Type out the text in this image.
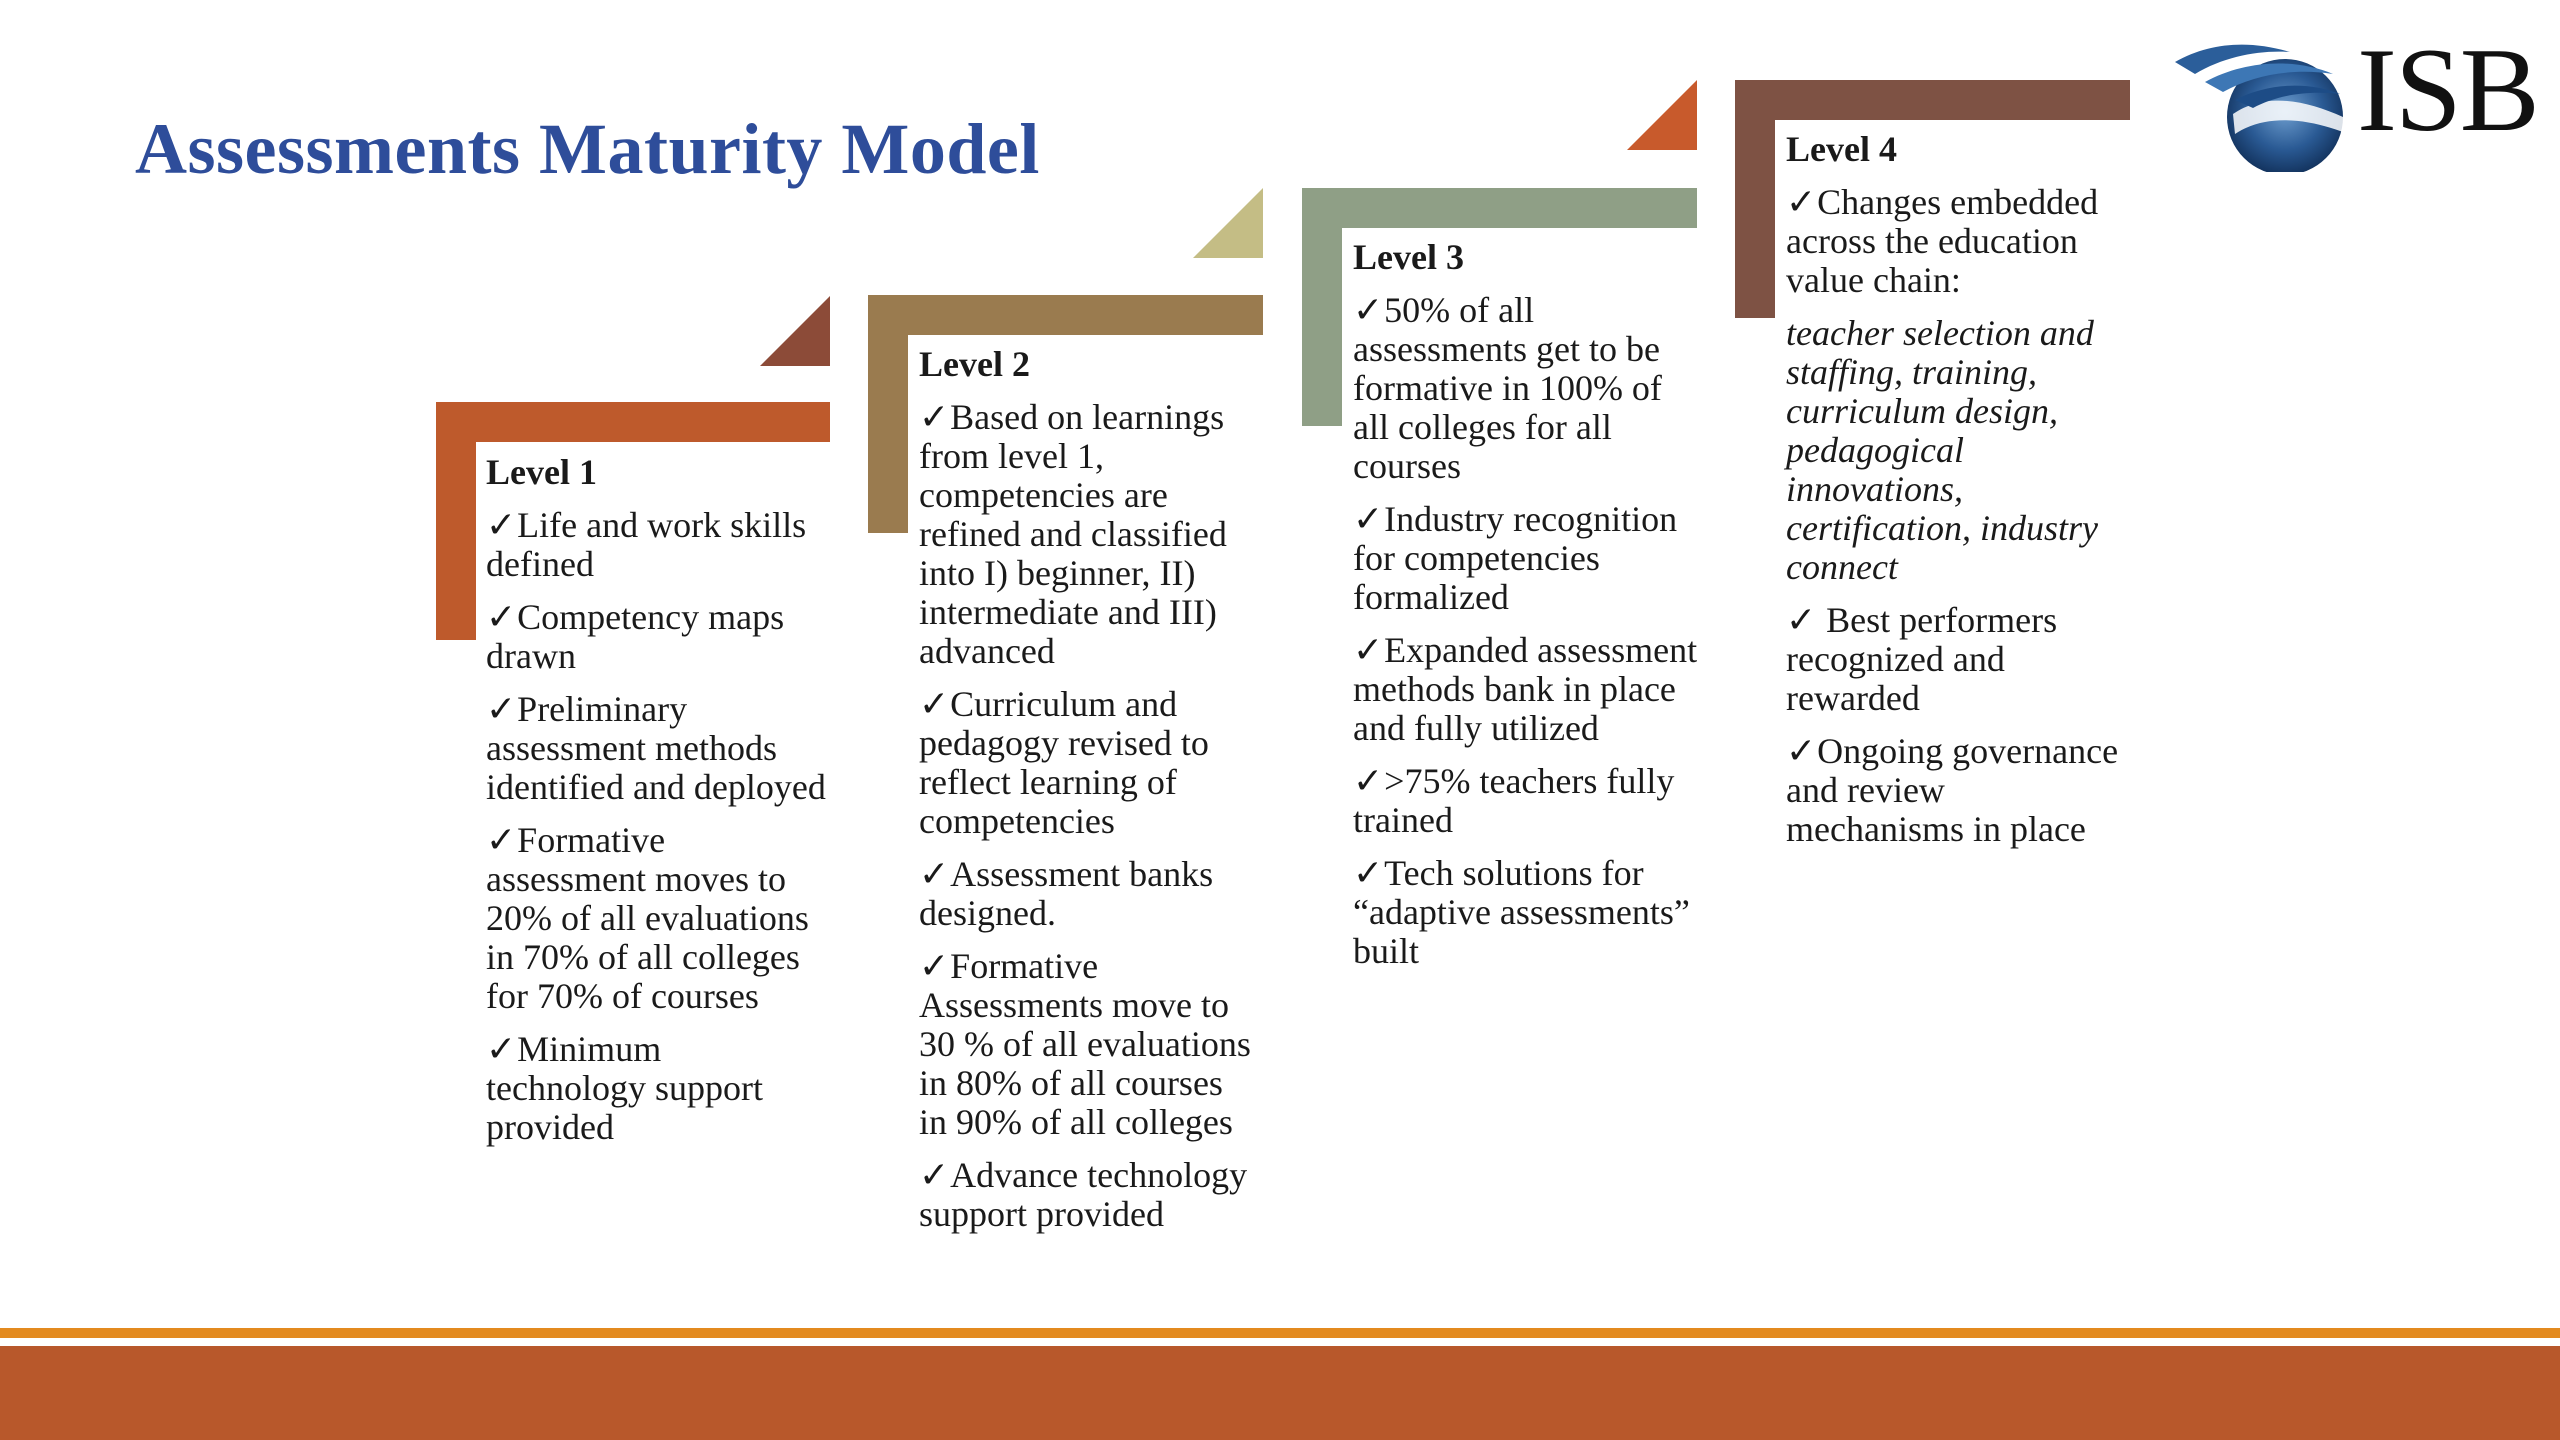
Assessments Maturity Model	ISB
Level 1
✓Life and work skills defined
✓Competency maps drawn
✓Preliminary assessment methods identified and deployed
✓Formative assessment moves to 20% of all evaluations in 70% of all colleges for 70% of courses
✓Minimum technology support provided
Level 2
✓Based on learnings from level 1, competencies are refined and classified into I) beginner, II) intermediate and III) advanced
✓Curriculum and pedagogy revised to reflect learning of competencies
✓Assessment banks designed.
✓Formative Assessments move to 30 % of all evaluations in 80% of all courses in 90% of all colleges
✓Advance technology support provided
Level 3
✓50% of all assessments get to be formative in 100% of all colleges for all courses
✓Industry recognition for competencies formalized
✓Expanded assessment methods bank in place and fully utilized
✓>75% teachers fully trained
✓Tech solutions for “adaptive assessments” built
Level 4
✓Changes embedded across the education value chain:
teacher selection and staffing, training, curriculum design, pedagogical innovations, certification, industry connect
✓ Best performers recognized and rewarded
✓Ongoing governance and review mechanisms in place
